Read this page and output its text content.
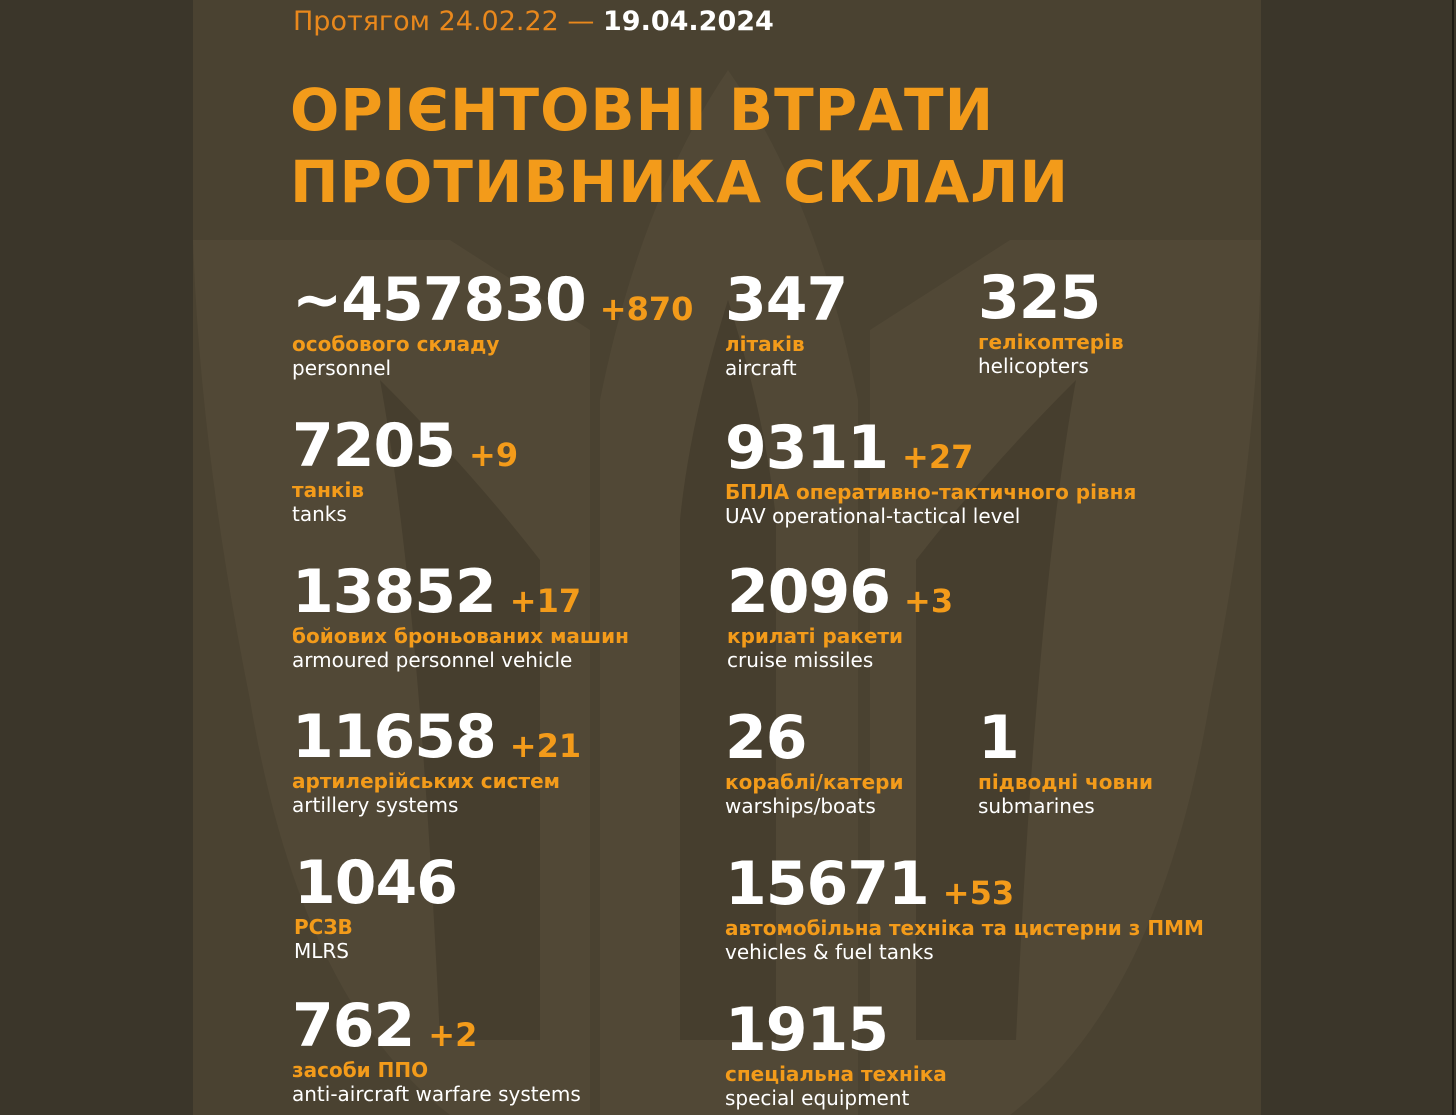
Протягом 24.02.22 — 19.04.2024
ОРІЄНТОВНІ ВТРАТИ
ПРОТИВНИКА СКЛАЛИ
~457830 +870
особового складу
personnel
7205 +9
танків
tanks
13852 +17
бойових броньованих машин
armoured personnel vehicle
11658 +21
артилерійських систем
artillery systems
1046
РСЗВ
MLRS
762 +2
засоби ППО
anti-aircraft warfare systems
347
літаків
aircraft
325
гелікоптерів
helicopters
9311 +27
БПЛА оперативно-тактичного рівня
UAV operational-tactical level
2096 +3
крилаті ракети
cruise missiles
26
кораблі/катери
warships/boats
1
підводні човни
submarines
15671 +53
автомобільна техніка та цистерни з ПММ
vehicles & fuel tanks
1915
спеціальна техніка
special equipment
